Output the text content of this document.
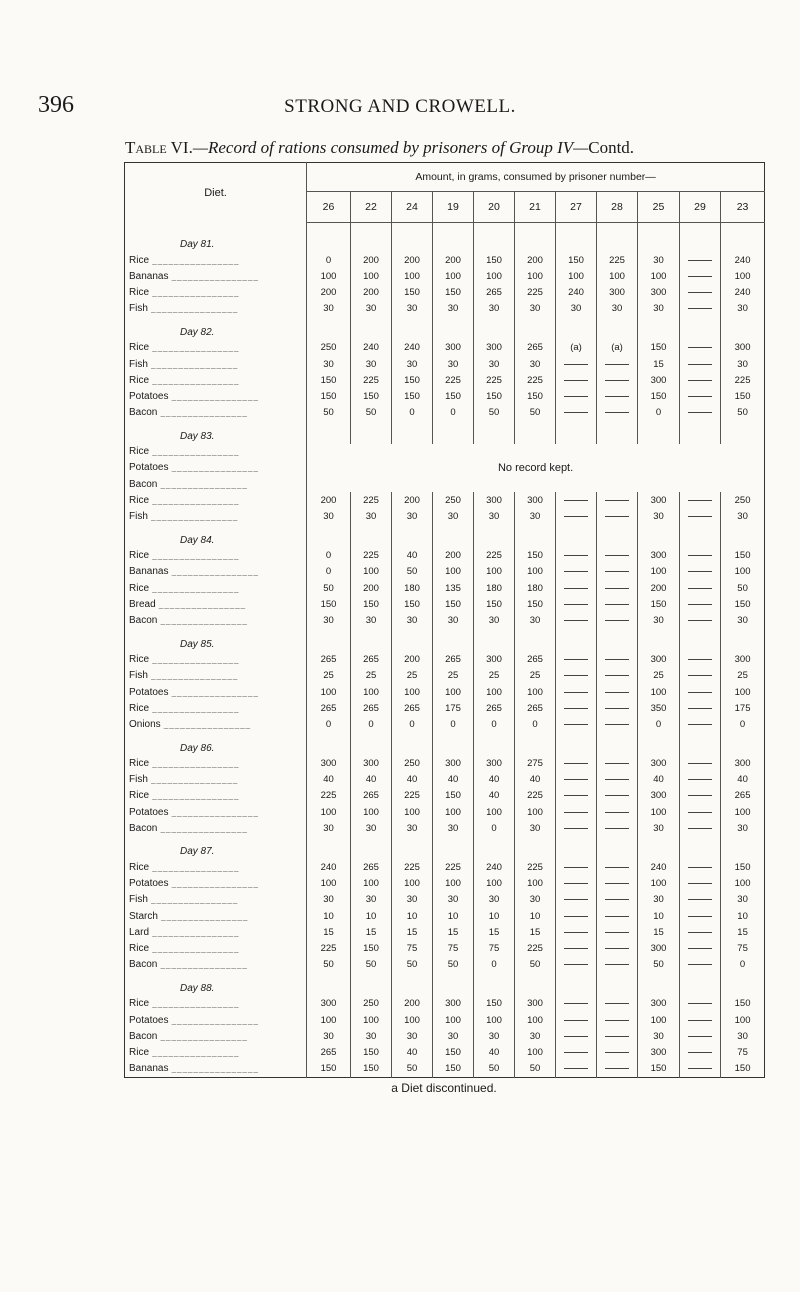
396	STRONG AND CROWELL.
Table VI.—Record of rations consumed by prisoners of Group IV—Contd.
Diet.	Amount, in grams, consumed by prisoner number—										
	26	22	24	19	20	21	27	28	25	29	23

Day 81.											
Rice ________________	0	200	200	200	150	200	150	225	30		240
Bananas ________________	100	100	100	100	100	100	100	100	100		100
Rice ________________	200	200	150	150	265	225	240	300	300		240
Fish ________________	30	30	30	30	30	30	30	30	30		30
Day 82.											
Rice ________________	250	240	240	300	300	265	(a)	(a)	150		300
Fish ________________	30	30	30	30	30	30			15		30
Rice ________________	150	225	150	225	225	225			300		225
Potatoes ________________	150	150	150	150	150	150			150		150
Bacon ________________	50	50	0	0	50	50			0		50
Day 83.											
Rice ________________	No record kept.										
Potatoes ________________											
Bacon ________________											
Rice ________________	200	225	200	250	300	300			300		250
Fish ________________	30	30	30	30	30	30			30		30
Day 84.											
Rice ________________	0	225	40	200	225	150			300		150
Bananas ________________	0	100	50	100	100	100			100		100
Rice ________________	50	200	180	135	180	180			200		50
Bread ________________	150	150	150	150	150	150			150		150
Bacon ________________	30	30	30	30	30	30			30		30
Day 85.											
Rice ________________	265	265	200	265	300	265			300		300
Fish ________________	25	25	25	25	25	25			25		25
Potatoes ________________	100	100	100	100	100	100			100		100
Rice ________________	265	265	265	175	265	265			350		175
Onions ________________	0	0	0	0	0	0			0		0
Day 86.											
Rice ________________	300	300	250	300	300	275			300		300
Fish ________________	40	40	40	40	40	40			40		40
Rice ________________	225	265	225	150	40	225			300		265
Potatoes ________________	100	100	100	100	100	100			100		100
Bacon ________________	30	30	30	30	0	30			30		30
Day 87.											
Rice ________________	240	265	225	225	240	225			240		150
Potatoes ________________	100	100	100	100	100	100			100		100
Fish ________________	30	30	30	30	30	30			30		30
Starch ________________	10	10	10	10	10	10			10		10
Lard ________________	15	15	15	15	15	15			15		15
Rice ________________	225	150	75	75	75	225			300		75
Bacon ________________	50	50	50	50	0	50			50		0
Day 88.											
Rice ________________	300	250	200	300	150	300			300		150
Potatoes ________________	100	100	100	100	100	100			100		100
Bacon ________________	30	30	30	30	30	30			30		30
Rice ________________	265	150	40	150	40	100			300		75
Bananas ________________	150	150	50	150	50	50			150		150
a Diet discontinued.
